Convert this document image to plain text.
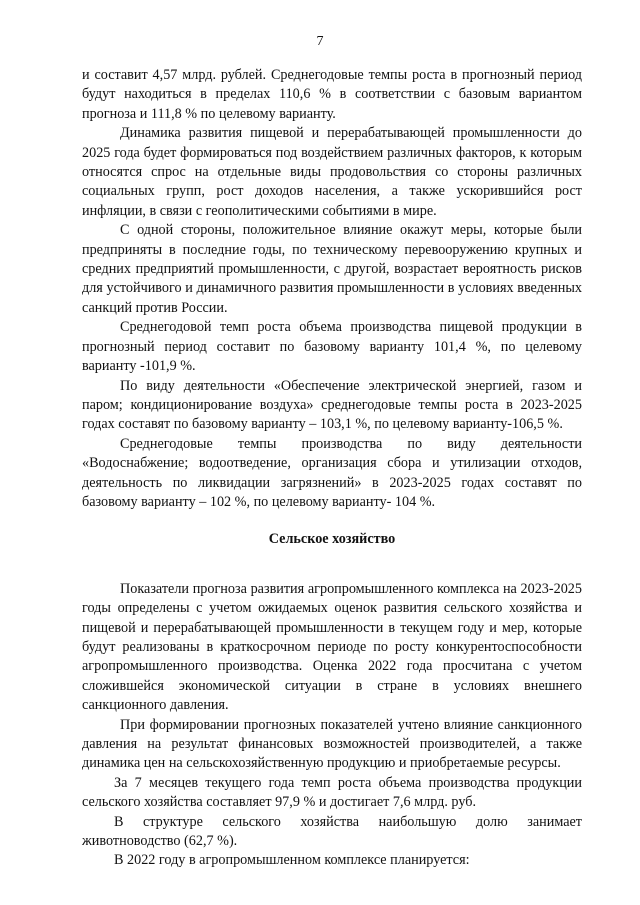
7

и составит 4,57 млрд. рублей. Среднегодовые темпы роста в прогнозный период будут находиться в пределах 110,6 % в соответствии с базовым вариантом прогноза и 111,8 % по целевому варианту.

Динамика развития пищевой и перерабатывающей промышленности до 2025 года будет формироваться под воздействием различных факторов, к которым относятся спрос на отдельные виды продовольствия со стороны различных социальных групп, рост доходов населения, а также ускорившийся рост инфляции, в связи с геополитическими событиями в мире.

С одной стороны, положительное влияние окажут меры, которые были предприняты в последние годы, по техническому перевооружению крупных и средних предприятий промышленности, с другой, возрастает вероятность рисков для устойчивого и динамичного развития промышленности в условиях введенных санкций против России.

Среднегодовой темп роста объема производства пищевой продукции в прогнозный период составит по базовому варианту 101,4 %, по целевому варианту -101,9 %.

По виду деятельности «Обеспечение электрической энергией, газом и паром; кондиционирование воздуха» среднегодовые темпы роста в 2023-2025 годах составят по базовому варианту – 103,1 %, по целевому варианту-106,5 %.

Среднегодовые темпы производства по виду деятельности «Водоснабжение; водоотведение, организация сбора и утилизации отходов, деятельность по ликвидации загрязнений» в 2023-2025 годах составят по базовому варианту – 102 %, по целевому варианту- 104 %.

Сельское хозяйство

Показатели прогноза развития агропромышленного комплекса на 2023-2025 годы определены с учетом ожидаемых оценок развития сельского хозяйства и пищевой и перерабатывающей промышленности в текущем году и мер, которые будут реализованы в краткосрочном периоде по росту конкурентоспособности агропромышленного производства. Оценка 2022 года просчитана с учетом сложившейся экономической ситуации в стране в условиях внешнего санкционного давления.

При формировании прогнозных показателей учтено влияние санкционного давления на результат финансовых возможностей производителей, а также динамика цен на сельскохозяйственную продукцию и приобретаемые ресурсы.

За 7 месяцев текущего года темп роста объема производства продукции сельского хозяйства составляет 97,9 % и достигает 7,6 млрд. руб.

В структуре сельского хозяйства наибольшую долю занимает животноводство (62,7 %).

В 2022 году в агропромышленном комплексе планируется:
